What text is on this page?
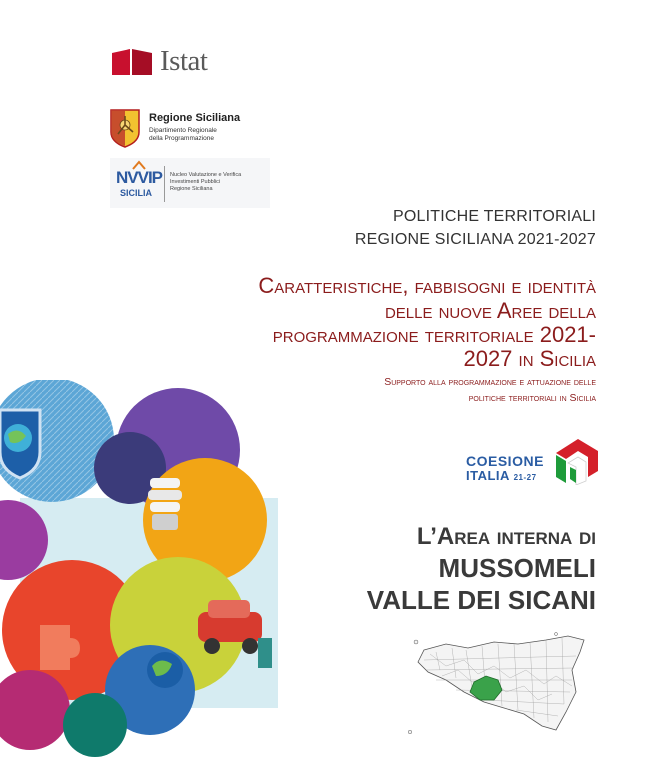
Istat
Regione Siciliana
Dipartimento Regionale
della Programmazione
NVVIP
SICILIA
Nucleo Valutazione e Verifica
Investimenti Pubblici
Regione Siciliana
POLITICHE TERRITORIALI
REGIONE SICILIANA 2021-2027
Caratteristiche, fabbisogni e identità
delle nuove Aree della
programmazione territoriale 2021-
2027 in Sicilia
Supporto alla programmazione e attuazione delle
politiche territoriali in Sicilia
COESIONE
ITALIA 21-27
L’Area interna di
MUSSOMELI
VALLE DEI SICANI
